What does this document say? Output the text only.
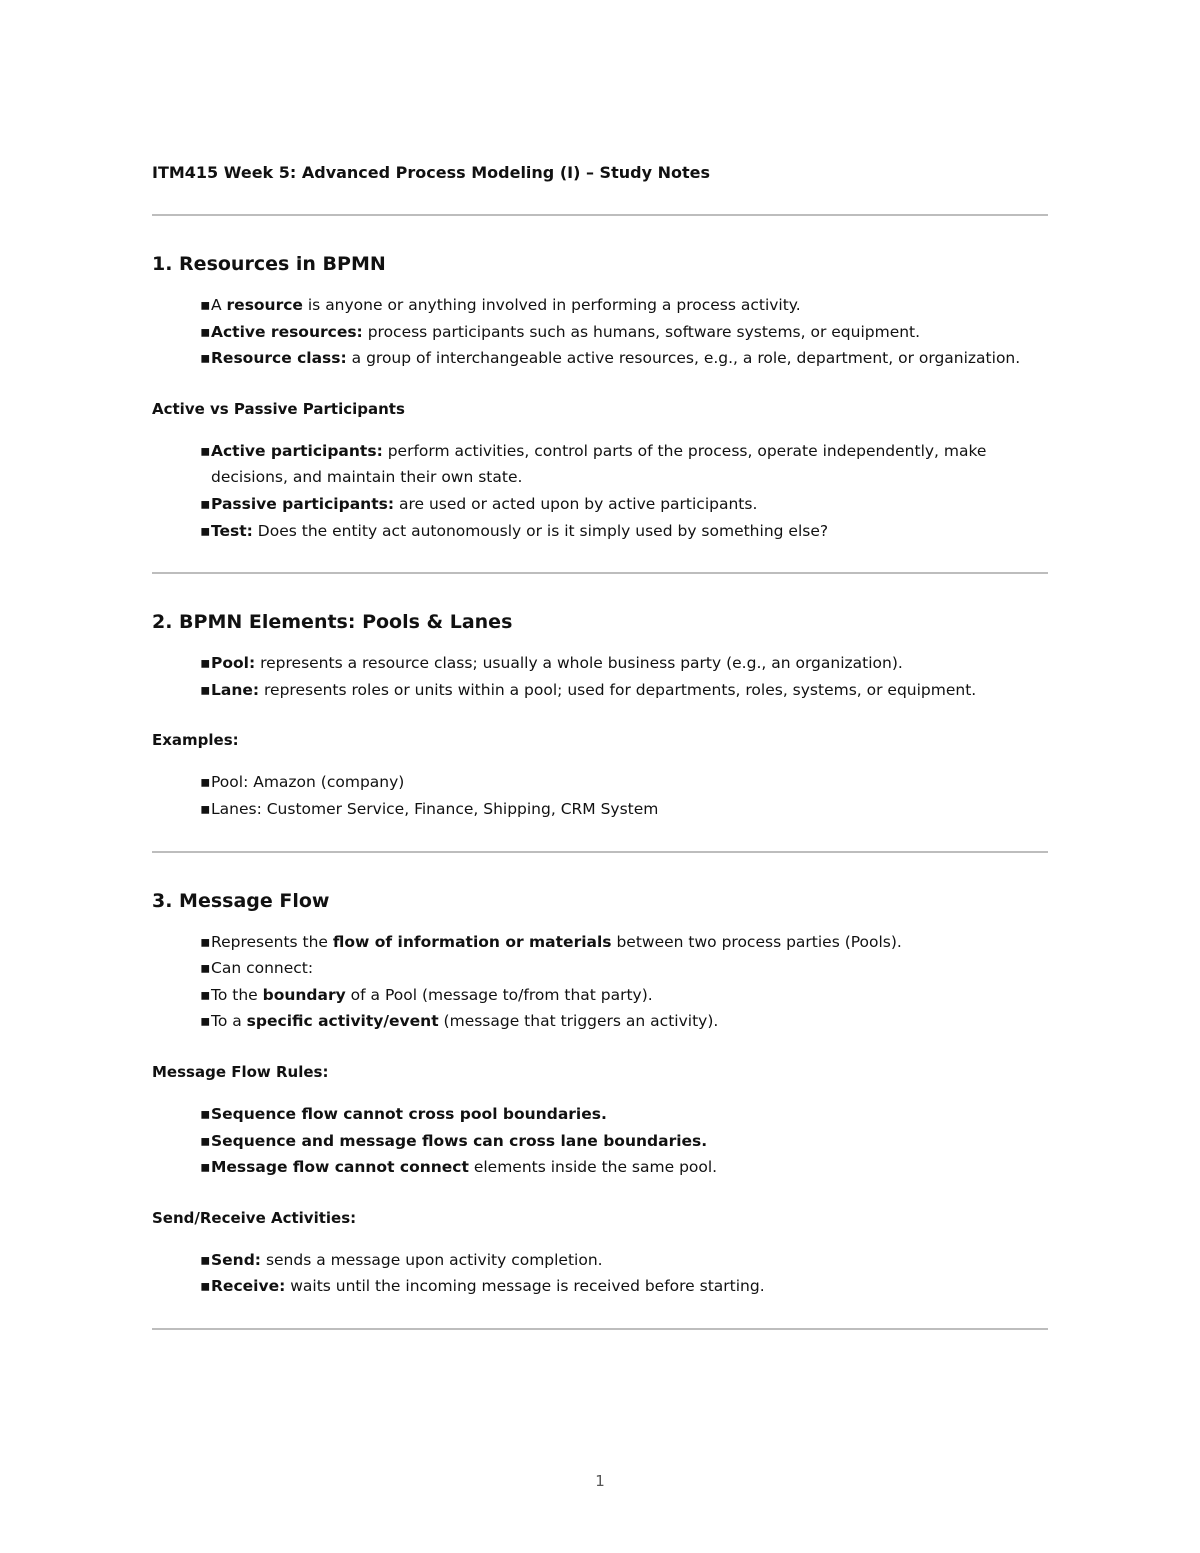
ITM415 Week 5: Advanced Process Modeling (I) – Study Notes
1. Resources in BPMN
▪ A resource is anyone or anything involved in performing a process activity.
▪ Active resources: process participants such as humans, software systems, or equipment.
▪ Resource class: a group of interchangeable active resources, e.g., a role, department, or organization.
Active vs Passive Participants
▪ Active participants: perform activities, control parts of the process, operate independently, make decisions, and maintain their own state.
▪ Passive participants: are used or acted upon by active participants.
▪ Test: Does the entity act autonomously or is it simply used by something else?
2. BPMN Elements: Pools & Lanes
▪ Pool: represents a resource class; usually a whole business party (e.g., an organization).
▪ Lane: represents roles or units within a pool; used for departments, roles, systems, or equipment.
Examples:
▪ Pool: Amazon (company)
▪ Lanes: Customer Service, Finance, Shipping, CRM System
3. Message Flow
▪ Represents the flow of information or materials between two process parties (Pools).
▪ Can connect:
▪ To the boundary of a Pool (message to/from that party).
▪ To a specific activity/event (message that triggers an activity).
Message Flow Rules:
▪ Sequence flow cannot cross pool boundaries.
▪ Sequence and message flows can cross lane boundaries.
▪ Message flow cannot connect elements inside the same pool.
Send/Receive Activities:
▪ Send: sends a message upon activity completion.
▪ Receive: waits until the incoming message is received before starting.
1
